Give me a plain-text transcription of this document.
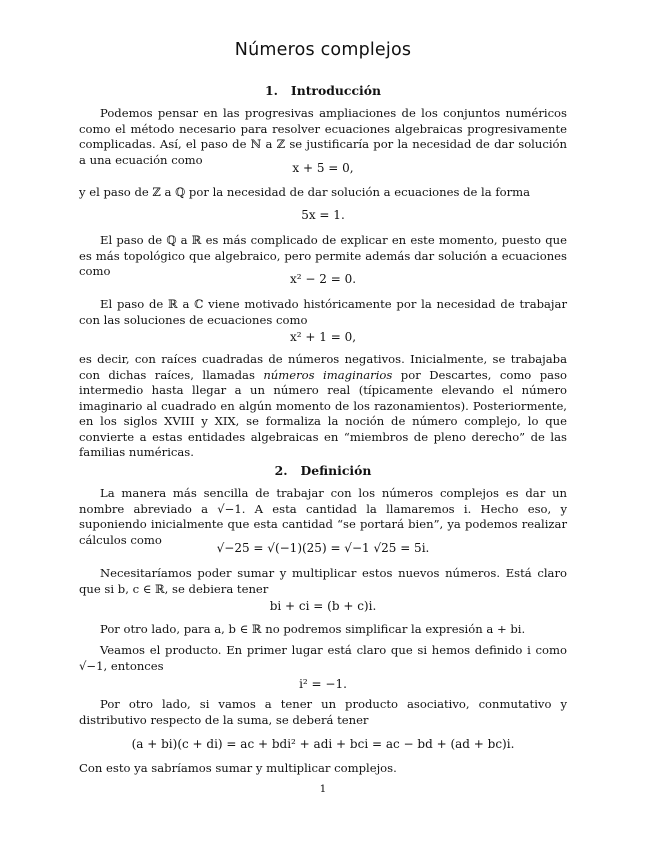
Números complejos
1. Introducción

Podemos pensar en las progresivas ampliaciones de los conjuntos numéricos como el método necesario para resolver ecuaciones algebraicas progresivamente complicadas. Así, el paso de ℕ a ℤ se justificaría por la necesidad de dar solución a una ecuación como

x + 5 = 0,

y el paso de ℤ a ℚ por la necesidad de dar solución a ecuaciones de la forma

5x = 1.

El paso de ℚ a ℝ es más complicado de explicar en este momento, puesto que es más topológico que algebraico, pero permite además dar solución a ecuaciones como

x² − 2 = 0.

El paso de ℝ a ℂ viene motivado históricamente por la necesidad de trabajar con las soluciones de ecuaciones como

x² + 1 = 0,

es decir, con raíces cuadradas de números negativos. Inicialmente, se trabajaba con dichas raíces, llamadas números imaginarios por Descartes, como paso intermedio hasta llegar a un número real (típicamente elevando el número imaginario al cuadrado en algún momento de los razonamientos). Posteriormente, en los siglos XVIII y XIX, se formaliza la noción de número complejo, lo que convierte a estas entidades algebraicas en “miembros de pleno derecho” de las familias numéricas.

2. Definición

La manera más sencilla de trabajar con los números complejos es dar un nombre abreviado a √−1. A esta cantidad la llamaremos i. Hecho eso, y suponiendo inicialmente que esta cantidad “se portará bien”, ya podemos realizar cálculos como

√−25 = √(−1)(25) = √−1 √25 = 5i.

Necesitaríamos poder sumar y multiplicar estos nuevos números. Está claro que si b, c ∈ ℝ, se debiera tener

bi + ci = (b + c)i.

Por otro lado, para a, b ∈ ℝ no podremos simplificar la expresión a + bi.

Veamos el producto. En primer lugar está claro que si hemos definido i como √−1, entonces

i² = −1.

Por otro lado, si vamos a tener un producto asociativo, conmutativo y distributivo respecto de la suma, se deberá tener

(a + bi)(c + di) = ac + bdi² + adi + bci = ac − bd + (ad + bc)i.

Con esto ya sabríamos sumar y multiplicar complejos.

1
